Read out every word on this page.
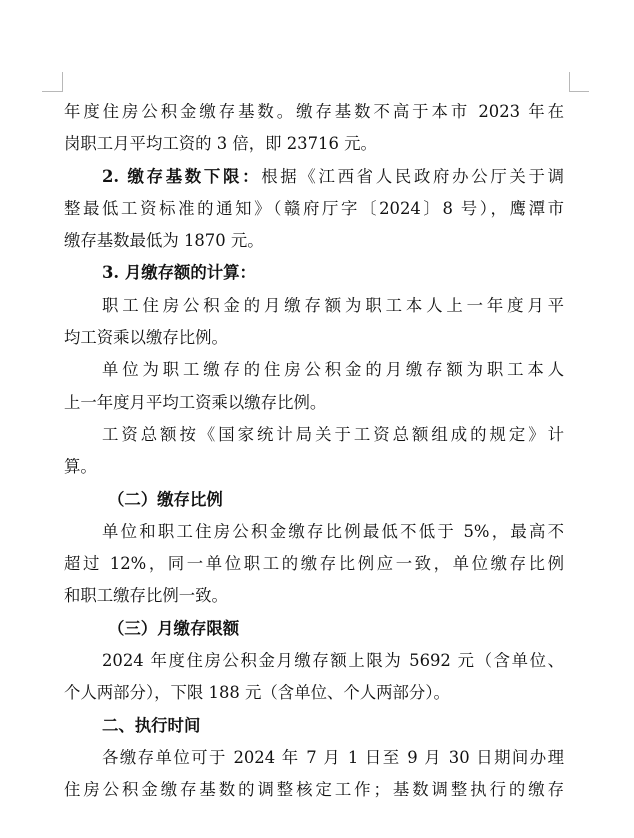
年度住房公积金缴存基数。缴存基数不高于本市 2023 年在
岗职工月平均工资的 3 倍，即 23716 元。
2. 缴存基数下限：根据《江西省人民政府办公厅关于调
整最低工资标准的通知》（赣府厅字〔2024〕8 号），鹰潭市
缴存基数最低为 1870 元。
3. 月缴存额的计算：
职工住房公积金的月缴存额为职工本人上一年度月平
均工资乘以缴存比例。
单位为职工缴存的住房公积金的月缴存额为职工本人
上一年度月平均工资乘以缴存比例。
工资总额按《国家统计局关于工资总额组成的规定》计
算。
（二）缴存比例
单位和职工住房公积金缴存比例最低不低于 5%，最高不
超过 12%，同一单位职工的缴存比例应一致，单位缴存比例
和职工缴存比例一致。
（三）月缴存限额
2024 年度住房公积金月缴存额上限为 5692 元（含单位、
个人两部分），下限 188 元（含单位、个人两部分）。
二、执行时间
各缴存单位可于 2024 年 7 月 1 日至 9 月 30 日期间办理
住房公积金缴存基数的调整核定工作；基数调整执行的缴存
